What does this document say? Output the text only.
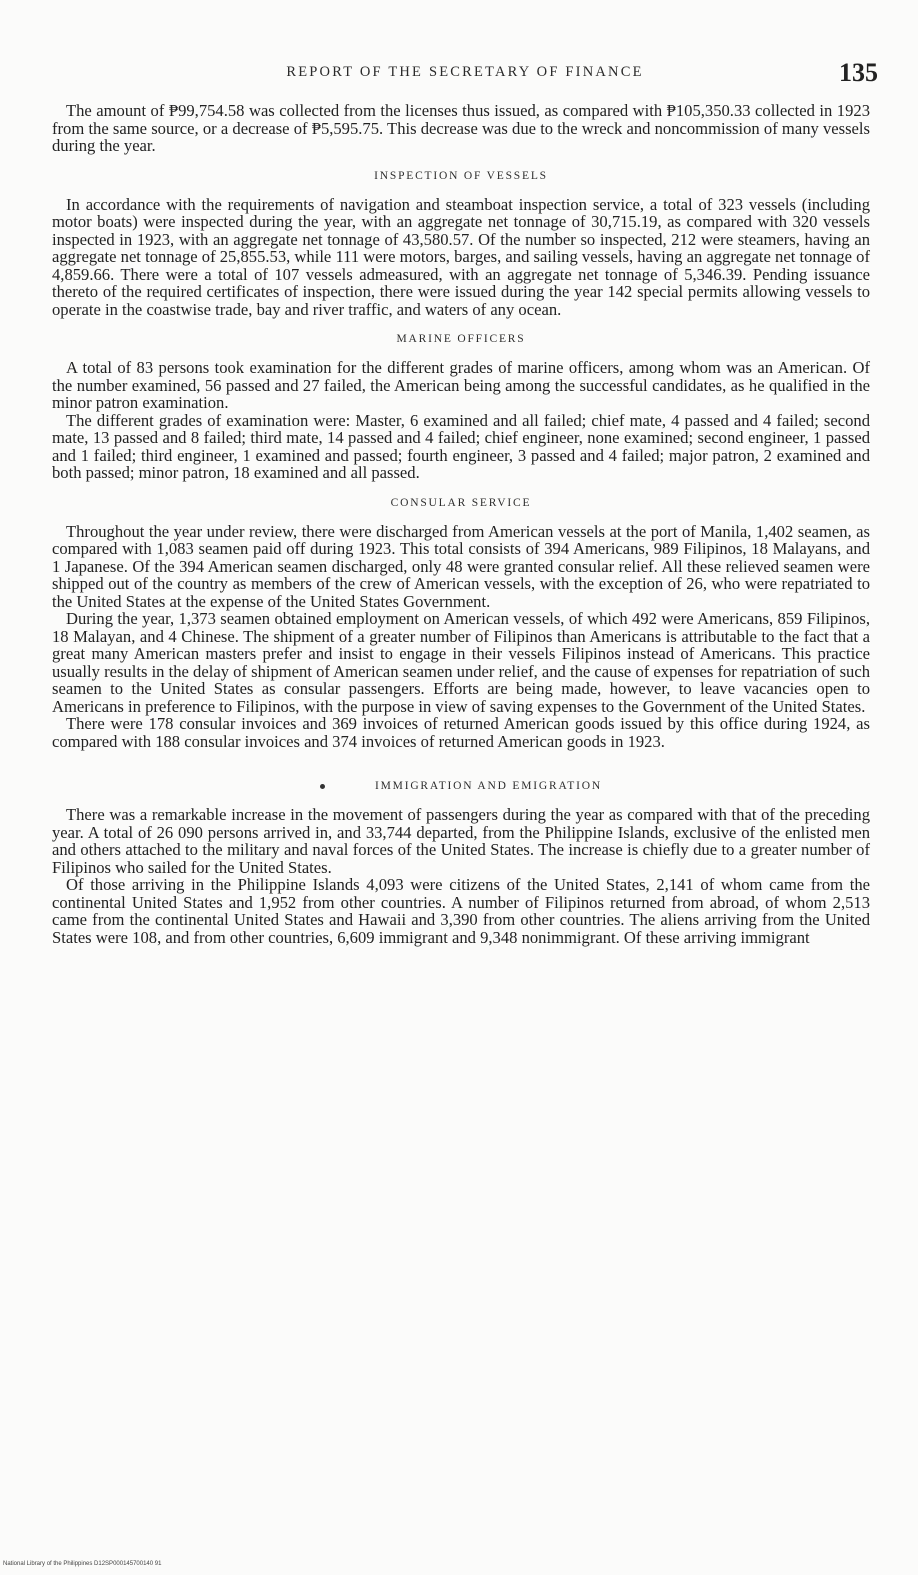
REPORT OF THE SECRETARY OF FINANCE	135

The amount of ₱99,754.58 was collected from the licenses thus issued, as compared with ₱105,350.33 collected in 1923 from the same source, or a decrease of ₱5,595.75. This decrease was due to the wreck and noncommission of many vessels during the year.

INSPECTION OF VESSELS

In accordance with the requirements of navigation and steamboat inspection service, a total of 323 vessels (including motor boats) were inspected during the year, with an aggregate net tonnage of 30,715.19, as compared with 320 vessels inspected in 1923, with an aggregate net tonnage of 43,580.57. Of the number so inspected, 212 were steamers, having an aggregate net tonnage of 25,855.53, while 111 were motors, barges, and sailing vessels, having an aggregate net tonnage of 4,859.66. There were a total of 107 vessels admeasured, with an aggregate net tonnage of 5,346.39. Pending issuance thereto of the required certificates of inspection, there were issued during the year 142 special permits allowing vessels to operate in the coastwise trade, bay and river traffic, and waters of any ocean.

MARINE OFFICERS

A total of 83 persons took examination for the different grades of marine officers, among whom was an American. Of the number examined, 56 passed and 27 failed, the American being among the successful candidates, as he qualified in the minor patron examination.

The different grades of examination were: Master, 6 examined and all failed; chief mate, 4 passed and 4 failed; second mate, 13 passed and 8 failed; third mate, 14 passed and 4 failed; chief engineer, none examined; second engineer, 1 passed and 1 failed; third engineer, 1 examined and passed; fourth engineer, 3 passed and 4 failed; major patron, 2 examined and both passed; minor patron, 18 examined and all passed.

CONSULAR SERVICE

Throughout the year under review, there were discharged from American vessels at the port of Manila, 1,402 seamen, as compared with 1,083 seamen paid off during 1923. This total consists of 394 Americans, 989 Filipinos, 18 Malayans, and 1 Japanese. Of the 394 American seamen discharged, only 48 were granted consular relief. All these relieved seamen were shipped out of the country as members of the crew of American vessels, with the exception of 26, who were repatriated to the United States at the expense of the United States Government.

During the year, 1,373 seamen obtained employment on American vessels, of which 492 were Americans, 859 Filipinos, 18 Malayan, and 4 Chinese. The shipment of a greater number of Filipinos than Americans is attributable to the fact that a great many American masters prefer and insist to engage in their vessels Filipinos instead of Americans. This practice usually results in the delay of shipment of American seamen under relief, and the cause of expenses for repatriation of such seamen to the United States as consular passengers. Efforts are being made, however, to leave vacancies open to Americans in preference to Filipinos, with the purpose in view of saving expenses to the Government of the United States.

There were 178 consular invoices and 369 invoices of returned American goods issued by this office during 1924, as compared with 188 consular invoices and 374 invoices of returned American goods in 1923.

IMMIGRATION AND EMIGRATION

There was a remarkable increase in the movement of passengers during the year as compared with that of the preceding year. A total of 26 090 persons arrived in, and 33,744 departed, from the Philippine Islands, exclusive of the enlisted men and others attached to the military and naval forces of the United States. The increase is chiefly due to a greater number of Filipinos who sailed for the United States.

Of those arriving in the Philippine Islands 4,093 were citizens of the United States, 2,141 of whom came from the continental United States and 1,952 from other countries. A number of Filipinos returned from abroad, of whom 2,513 came from the continental United States and Hawaii and 3,390 from other countries. The aliens arriving from the United States were 108, and from other countries, 6,609 immigrant and 9,348 nonimmigrant. Of these arriving immigrant

National Library of the Philippines D12SP000145700140 91
